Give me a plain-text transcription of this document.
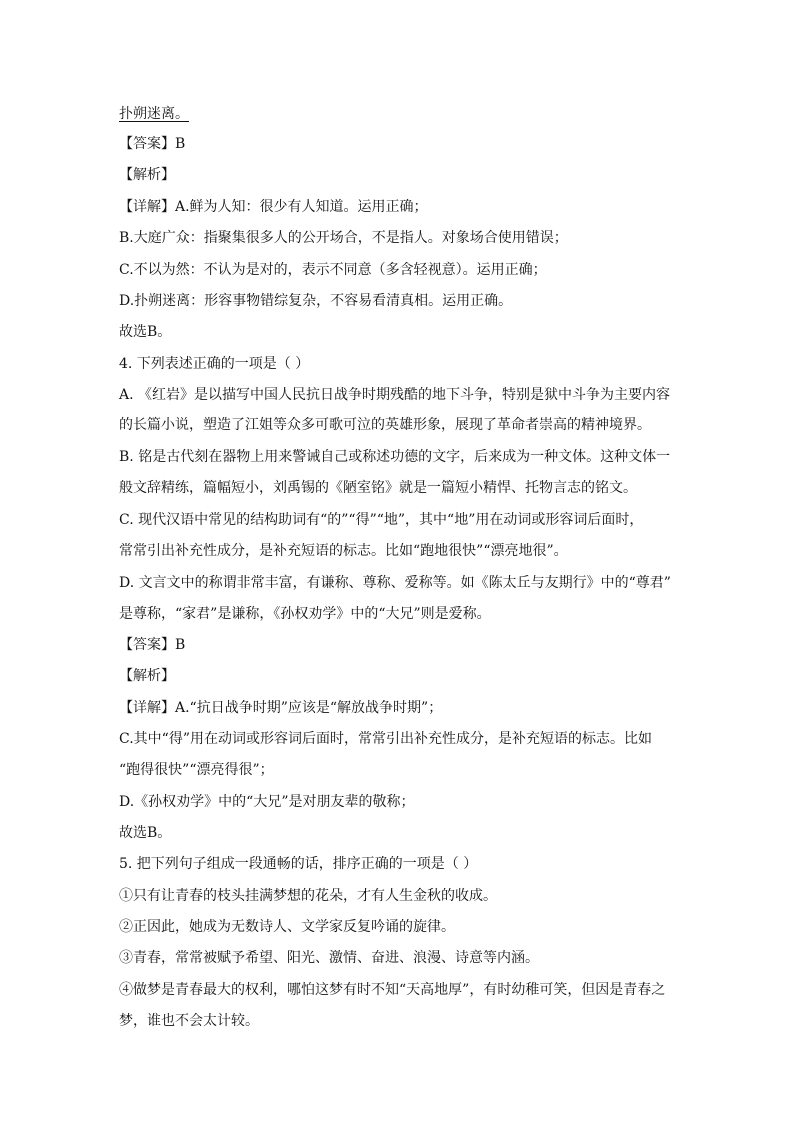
扑朔迷离。
【答案】B
【解析】
【详解】A.鲜为人知：很少有人知道。运用正确；
B.大庭广众：指聚集很多人的公开场合，不是指人。对象场合使用错误；
C.不以为然：不认为是对的，表示不同意（多含轻视意）。运用正确；
D.扑朔迷离：形容事物错综复杂，不容易看清真相。运用正确。
故选B。
4. 下列表述正确的一项是（ ）
A. 《红岩》是以描写中国人民抗日战争时期残酷的地下斗争，特别是狱中斗争为主要内容
的长篇小说，塑造了江姐等众多可歌可泣的英雄形象，展现了革命者崇高的精神境界。
B. 铭是古代刻在器物上用来警诫自己或称述功德的文字，后来成为一种文体。这种文体一
般文辞精练，篇幅短小，刘禹锡的《陋室铭》就是一篇短小精悍、托物言志的铭文。
C. 现代汉语中常见的结构助词有“的”“得”“地”，其中“地”用在动词或形容词后面时，
常常引出补充性成分，是补充短语的标志。比如“跑地很快”“漂亮地很”。
D. 文言文中的称谓非常丰富，有谦称、尊称、爱称等。如《陈太丘与友期行》中的“尊君”
是尊称，“家君”是谦称，《孙权劝学》中的“大兄”则是爱称。
【答案】B
【解析】
【详解】A.“抗日战争时期”应该是“解放战争时期”；
C.其中“得”用在动词或形容词后面时，常常引出补充性成分，是补充短语的标志。比如
“跑得很快”“漂亮得很”；
D.《孙权劝学》中的“大兄”是对朋友辈的敬称；
故选B。
5. 把下列句子组成一段通畅的话，排序正确的一项是（ ）
①只有让青春的枝头挂满梦想的花朵，才有人生金秋的收成。
②正因此，她成为无数诗人、文学家反复吟诵的旋律。
③青春，常常被赋予希望、阳光、激情、奋进、浪漫、诗意等内涵。
④做梦是青春最大的权利，哪怕这梦有时不知“天高地厚”，有时幼稚可笑，但因是青春之
梦，谁也不会太计较。
